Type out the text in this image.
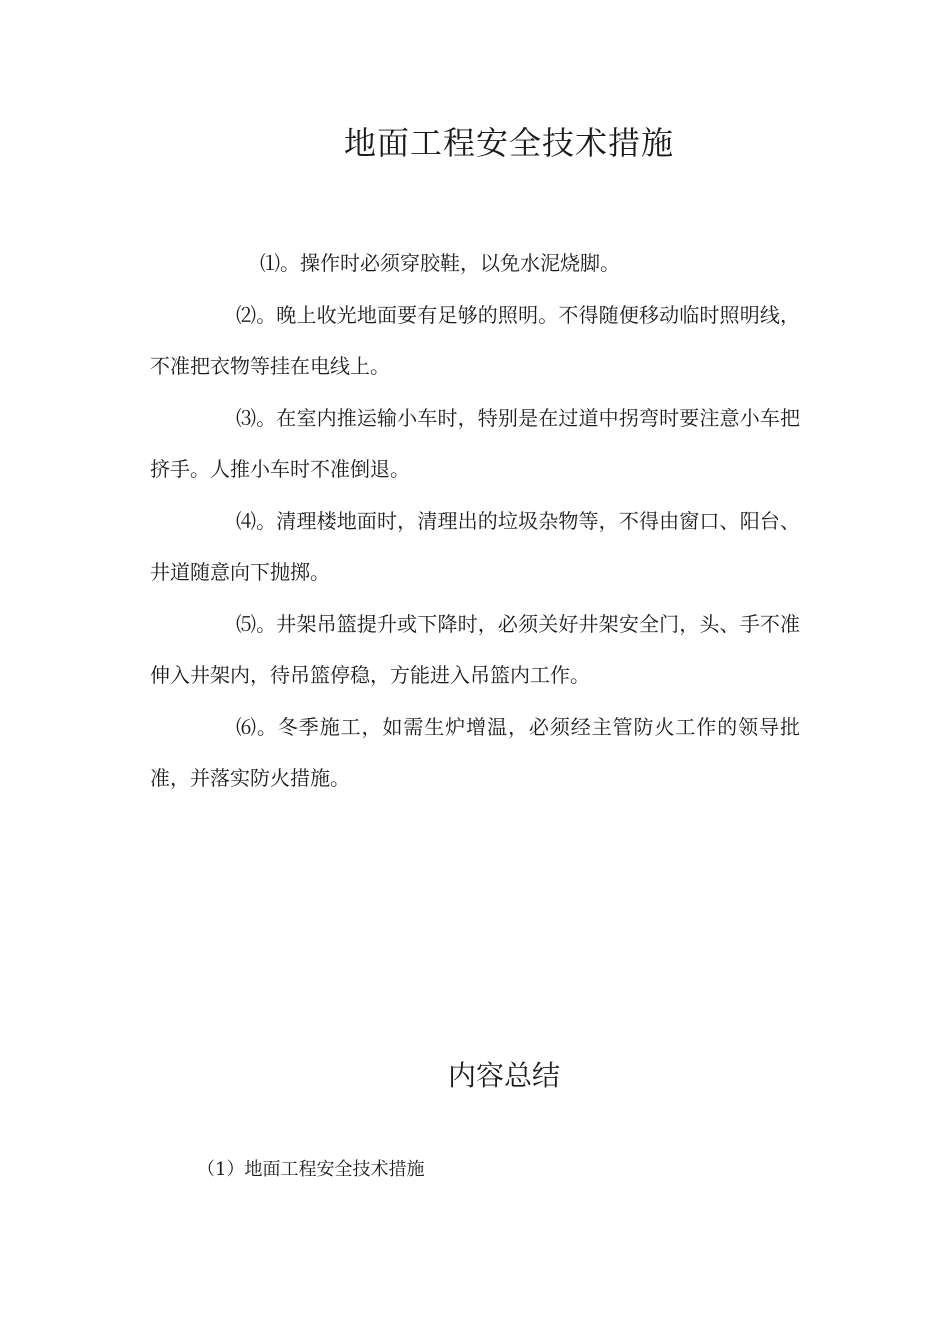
地面工程安全技术措施

⑴。操作时必须穿胶鞋，以免水泥烧脚。

⑵。晚上收光地面要有足够的照明。不得随便移动临时照明线，不准把衣物等挂在电线上。

⑶。在室内推运输小车时，特别是在过道中拐弯时要注意小车把挤手。人推小车时不准倒退。

⑷。清理楼地面时，清理出的垃圾杂物等，不得由窗口、阳台、井道随意向下抛掷。

⑸。井架吊篮提升或下降时，必须关好井架安全门，头、手不准伸入井架内，待吊篮停稳，方能进入吊篮内工作。

⑹。冬季施工，如需生炉增温，必须经主管防火工作的领导批准，并落实防火措施。

内容总结
（1）地面工程安全技术措施
